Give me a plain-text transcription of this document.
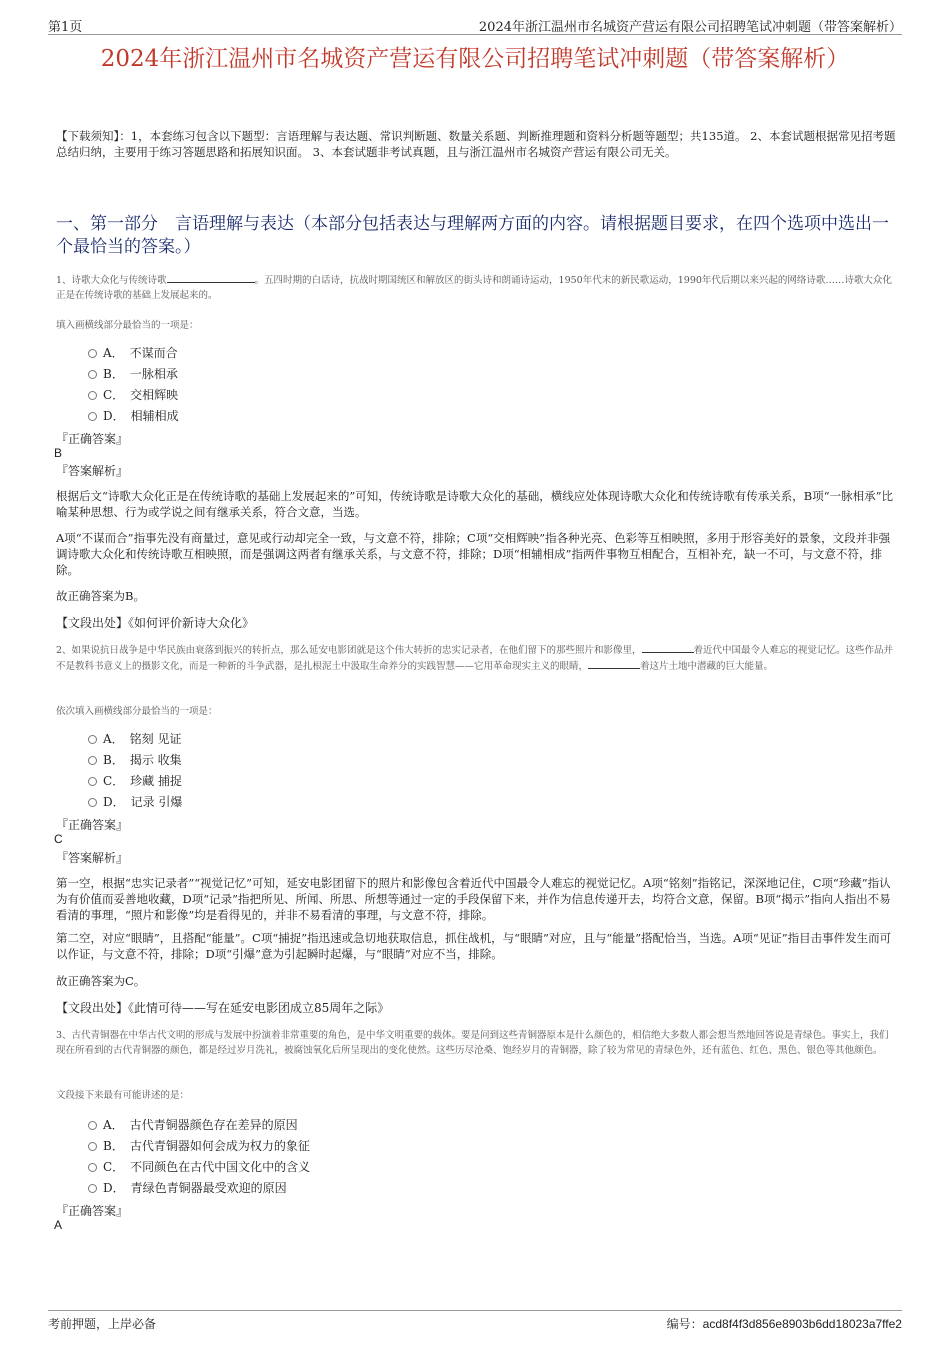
第1页	2024年浙江温州市名城资产营运有限公司招聘笔试冲刺题（带答案解析）
2024年浙江温州市名城资产营运有限公司招聘笔试冲刺题（带答案解析）
【下载须知】：1，本套练习包含以下题型：言语理解与表达题、常识判断题、数量关系题、判断推理题和资料分析题等题型；共135道。 2、本套试题根据常见招考题总结归纳，主要用于练习答题思路和拓展知识面。 3、本套试题非考试真题，且与浙江温州市名城资产营运有限公司无关。
一、第一部分　言语理解与表达（本部分包括表达与理解两方面的内容。请根据题目要求，在四个选项中选出一个最恰当的答案。）
1、诗歌大众化与传统诗歌	。五四时期的白话诗，抗战时期国统区和解放区的街头诗和朗诵诗运动，1950年代末的新民歌运动，1990年代后期以来兴起的网络诗歌……诗歌大众化正是在传统诗歌的基础上发展起来的。
填入画横线部分最恰当的一项是：
A．　不谋而合
B．　一脉相承
C．　交相辉映
D．　相辅相成
『正确答案』
B
『答案解析』
根据后文“诗歌大众化正是在传统诗歌的基础上发展起来的”可知，传统诗歌是诗歌大众化的基础，横线应处体现诗歌大众化和传统诗歌有传承关系，B项“一脉相承”比喻某种思想、行为或学说之间有继承关系，符合文意，当选。
A项“不谋而合”指事先没有商量过，意见或行动却完全一致，与文意不符，排除；C项“交相辉映”指各种光亮、色彩等互相映照，多用于形容美好的景象，文段并非强调诗歌大众化和传统诗歌互相映照，而是强调这两者有继承关系，与文意不符，排除；D项“相辅相成”指两件事物互相配合，互相补充，缺一不可，与文意不符，排除。
故正确答案为B。
【文段出处】《如何评价新诗大众化》
2、如果说抗日战争是中华民族由衰落到振兴的转折点，那么延安电影团就是这个伟大转折的忠实记录者，在他们留下的那些照片和影像里，	着近代中国最令人难忘的视觉记忆。这些作品并不是教科书意义上的摄影文化，而是一种新的斗争武器，是扎根泥土中汲取生命养分的实践智慧——它用革命现实主义的眼睛，	着这片土地中潜藏的巨大能量。
依次填入画横线部分最恰当的一项是：
A．　铭刻 见证
B．　揭示 收集
C．　珍藏 捕捉
D．　记录 引爆
『正确答案』
C
『答案解析』
第一空，根据“忠实记录者”“视觉记忆”可知，延安电影团留下的照片和影像包含着近代中国最令人难忘的视觉记忆。A项“铭刻”指铭记，深深地记住，C项“珍藏”指认为有价值而妥善地收藏，D项“记录”指把所见、所闻、所思、所想等通过一定的手段保留下来，并作为信息传递开去，均符合文意，保留。B项“揭示”指向人指出不易看清的事理，“照片和影像”均是看得见的，并非不易看清的事理，与文意不符，排除。
第二空，对应“眼睛”，且搭配“能量”。C项“捕捉”指迅速或急切地获取信息，抓住战机，与“眼睛”对应，且与“能量”搭配恰当，当选。A项“见证”指目击事件发生而可以作证，与文意不符，排除；D项“引爆”意为引起瞬时起爆，与“眼睛”对应不当，排除。
故正确答案为C。
【文段出处】《此情可待——写在延安电影团成立85周年之际》
3、古代青铜器在中华古代文明的形成与发展中扮演着非常重要的角色，是中华文明重要的载体。要是问到这些青铜器原本是什么颜色的，相信绝大多数人都会想当然地回答说是青绿色。事实上，我们现在所看到的古代青铜器的颜色，都是经过岁月洗礼，被腐蚀氧化后所呈现出的变化使然。这些历尽沧桑、饱经岁月的青铜器，除了较为常见的青绿色外，还有蓝色、红色、黑色、银色等其他颜色。
文段接下来最有可能讲述的是：
A．　古代青铜器颜色存在差异的原因
B．　古代青铜器如何会成为权力的象征
C．　不同颜色在古代中国文化中的含义
D．　青绿色青铜器最受欢迎的原因
『正确答案』
A
考前押题，上岸必备	编号：acd8f4f3d856e8903b6dd18023a7ffe2
